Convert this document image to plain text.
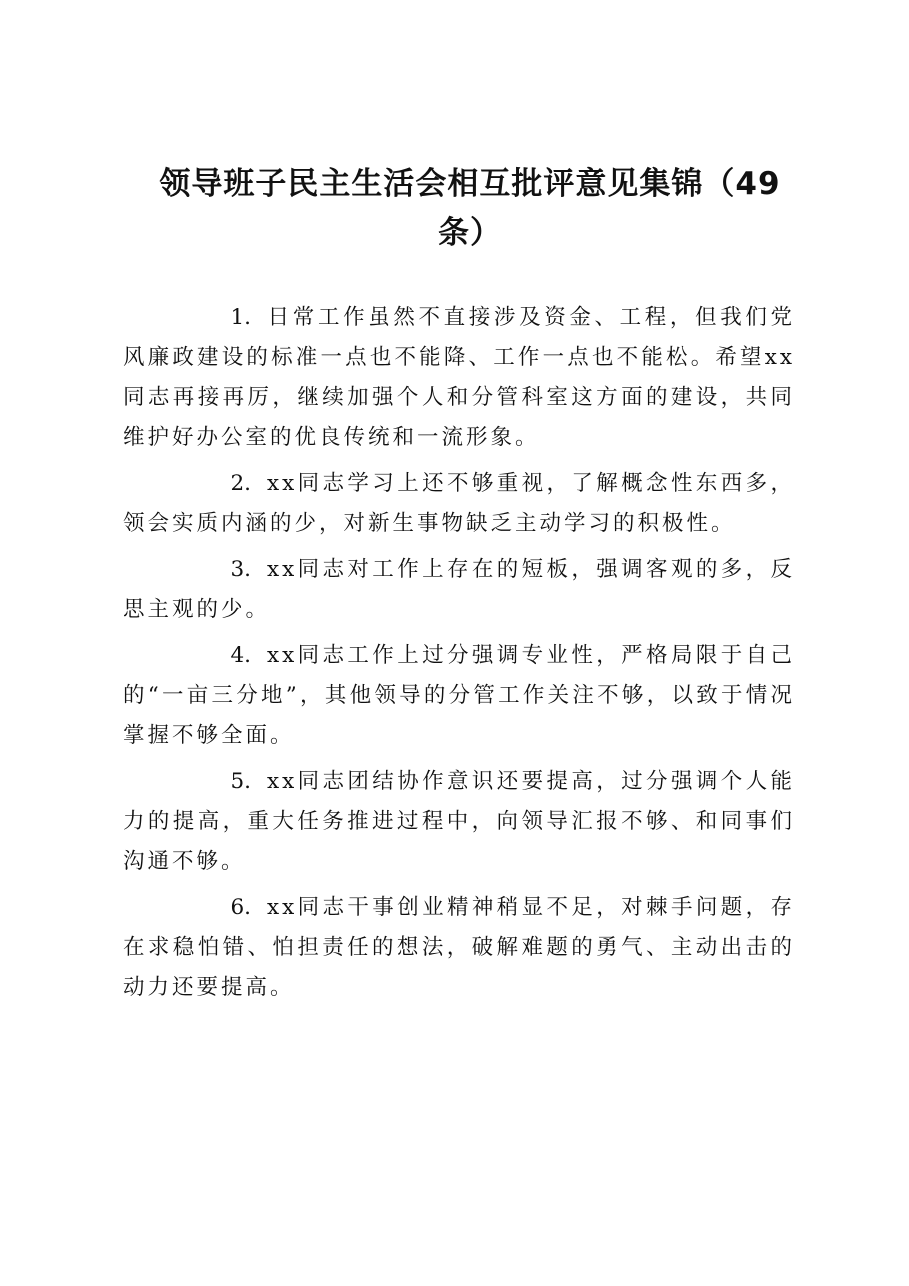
领导班子民主生活会相互批评意见集锦（49条）

1. 日常工作虽然不直接涉及资金、工程，但我们党风廉政建设的标准一点也不能降、工作一点也不能松。希望xx同志再接再厉，继续加强个人和分管科室这方面的建设，共同维护好办公室的优良传统和一流形象。

2. xx同志学习上还不够重视，了解概念性东西多，领会实质内涵的少，对新生事物缺乏主动学习的积极性。

3. xx同志对工作上存在的短板，强调客观的多，反思主观的少。

4. xx同志工作上过分强调专业性，严格局限于自己的“一亩三分地”，其他领导的分管工作关注不够，以致于情况掌握不够全面。

5. xx同志团结协作意识还要提高，过分强调个人能力的提高，重大任务推进过程中，向领导汇报不够、和同事们沟通不够。

6. xx同志干事创业精神稍显不足，对棘手问题，存在求稳怕错、怕担责任的想法，破解难题的勇气、主动出击的动力还要提高。
